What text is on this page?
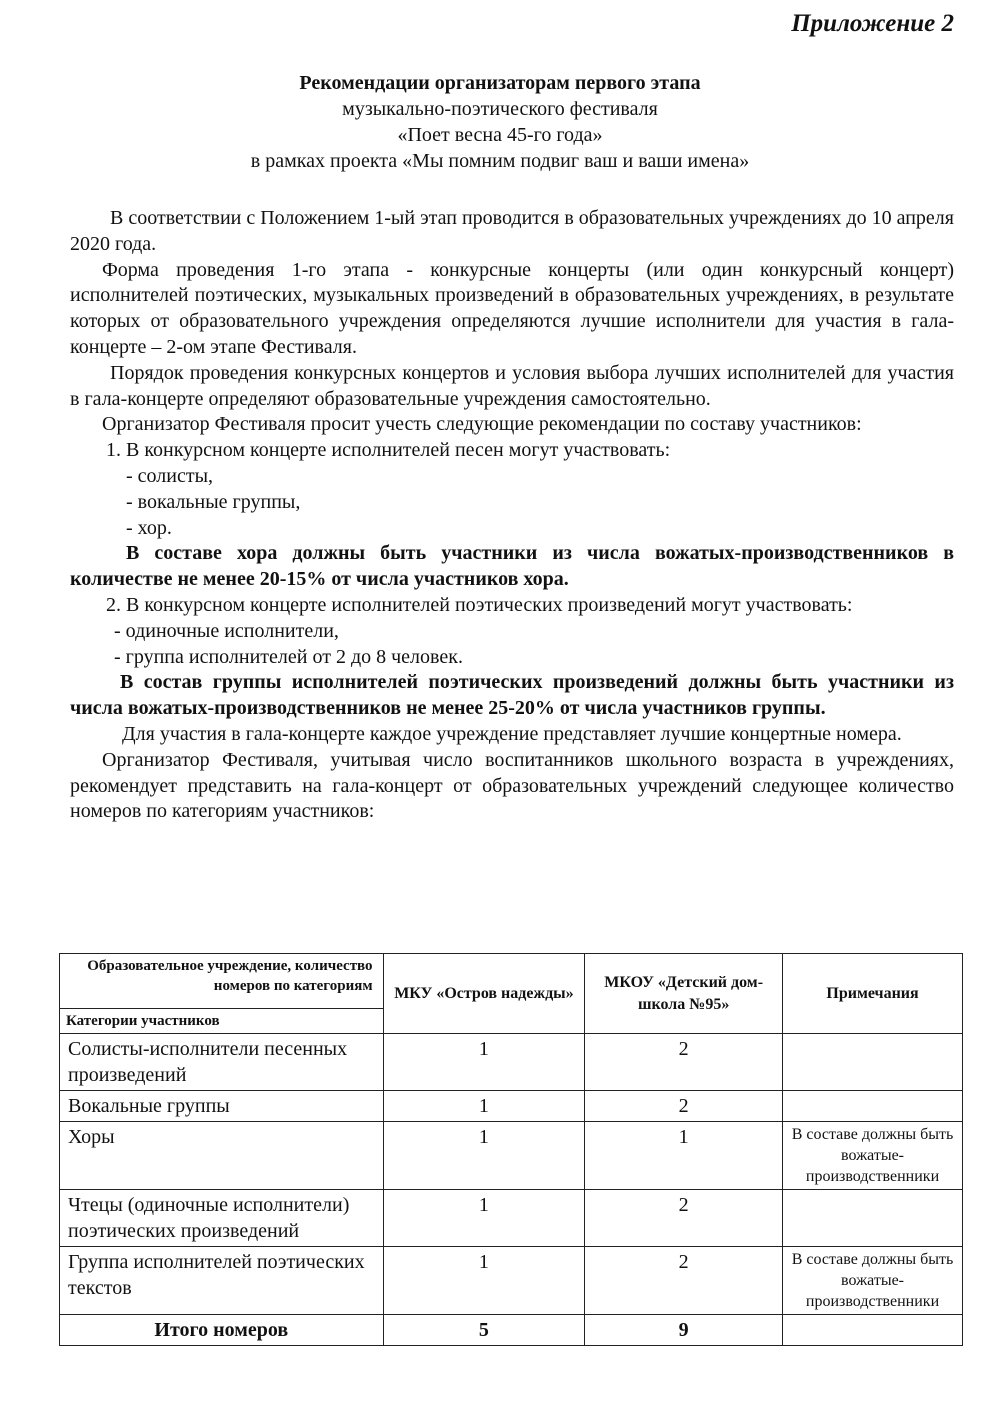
Приложение 2
Рекомендации организаторам первого этапа
музыкально-поэтического фестиваля
«Поет весна 45-го года»
в рамках проекта «Мы помним подвиг ваш и ваши имена»

В соответствии с Положением 1-ый этап проводится в образовательных учреждениях до 10 апреля 2020 года.

Форма проведения 1-го этапа - конкурсные концерты (или один конкурсный концерт) исполнителей поэтических, музыкальных произведений в образовательных учреждениях, в результате которых от образовательного учреждения определяются лучшие исполнители для участия в гала-концерте – 2-ом этапе Фестиваля.

Порядок проведения конкурсных концертов и условия выбора лучших исполнителей для участия в гала-концерте определяют образовательные учреждения самостоятельно.

Организатор Фестиваля просит учесть следующие рекомендации по составу участников:

1. В конкурсном концерте исполнителей песен могут участвовать:

- солисты,

- вокальные группы,

- хор.

В составе хора должны быть участники из числа вожатых-производственников в количестве не менее 20-15% от числа участников хора.

2. В конкурсном концерте исполнителей поэтических произведений могут участвовать:

- одиночные исполнители,

- группа исполнителей от 2 до 8 человек.

В состав группы исполнителей поэтических произведений должны быть участники из числа вожатых-производственников не менее 25-20% от числа участников группы.

Для участия в гала-концерте каждое учреждение представляет лучшие концертные номера.

Организатор Фестиваля, учитывая число воспитанников школьного возраста в учреждениях, рекомендует представить на гала-концерт от образовательных учреждений следующее количество номеров по категориям участников:

Образовательное учреждение, количество номеров по категориям
Категории участников	МКУ «Остров надежды»	МКОУ «Детский дом-школа №95»	Примечания
Солисты-исполнители песенных произведений	1	2	
Вокальные группы	1	2	
Хоры	1	1	В составе должны быть вожатые-производственники
Чтецы (одиночные исполнители) поэтических произведений	1	2	
Группа исполнителей поэтических текстов	1	2	В составе должны быть вожатые-производственники
Итого номеров	5	9	
